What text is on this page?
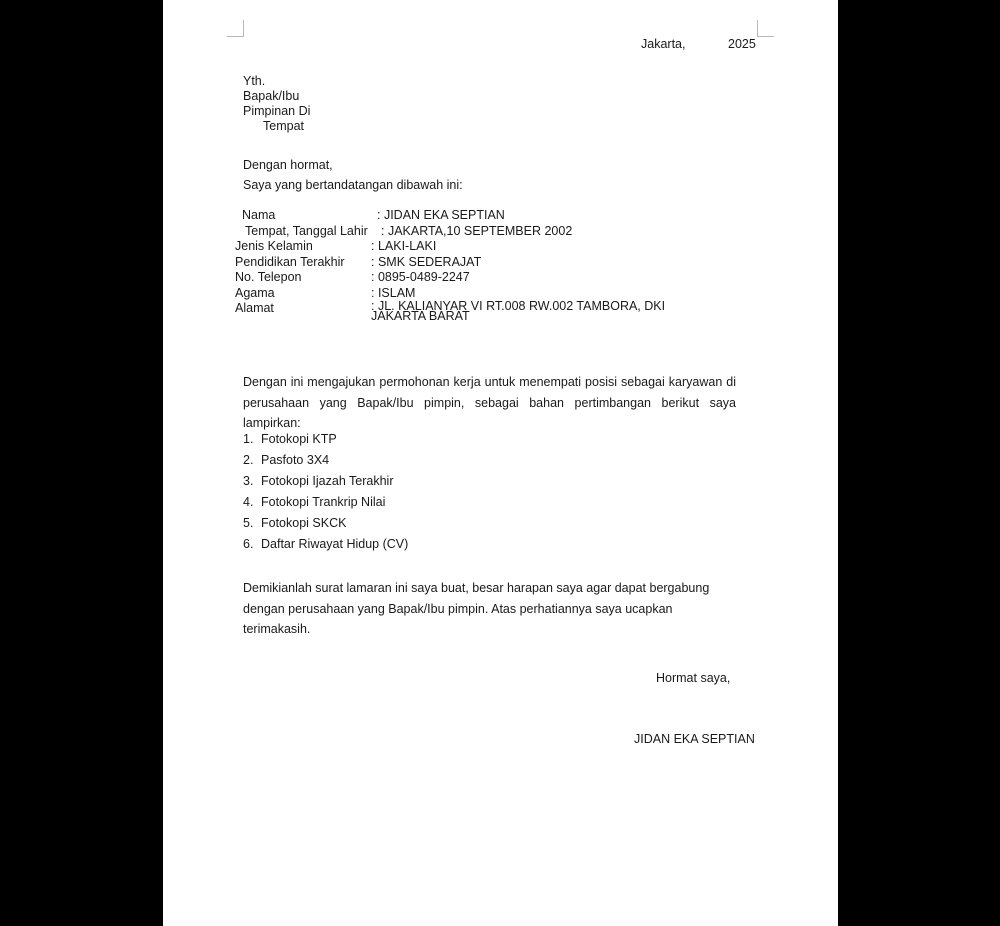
Jakarta,	2025
Yth.
Bapak/Ibu
Pimpinan Di
Tempat
Dengan hormat,
Saya yang bertandatangan dibawah ini:
Nama	: JIDAN EKA SEPTIAN
Tempat, Tanggal Lahir : JAKARTA,10 SEPTEMBER 2002
Jenis Kelamin	: LAKI-LAKI
Pendidikan Terakhir : SMK SEDERAJAT
No. Telepon	: 0895-0489-2247
Agama	: ISLAM
Alamat	: JL. KALIANYAR VI RT.008 RW.002 TAMBORA, DKI JAKARTA BARAT
Dengan ini mengajukan permohonan kerja untuk menempati posisi sebagai karyawan di perusahaan yang Bapak/Ibu pimpin, sebagai bahan pertimbangan berikut saya lampirkan:
1. Fotokopi KTP
2. Pasfoto 3X4
3. Fotokopi Ijazah Terakhir
4. Fotokopi Trankrip Nilai
5. Fotokopi SKCK
6. Daftar Riwayat Hidup (CV)
Demikianlah surat lamaran ini saya buat, besar harapan saya agar dapat bergabung dengan perusahaan yang Bapak/Ibu pimpin. Atas perhatiannya saya ucapkan terimakasih.
Hormat saya,
JIDAN EKA SEPTIAN
